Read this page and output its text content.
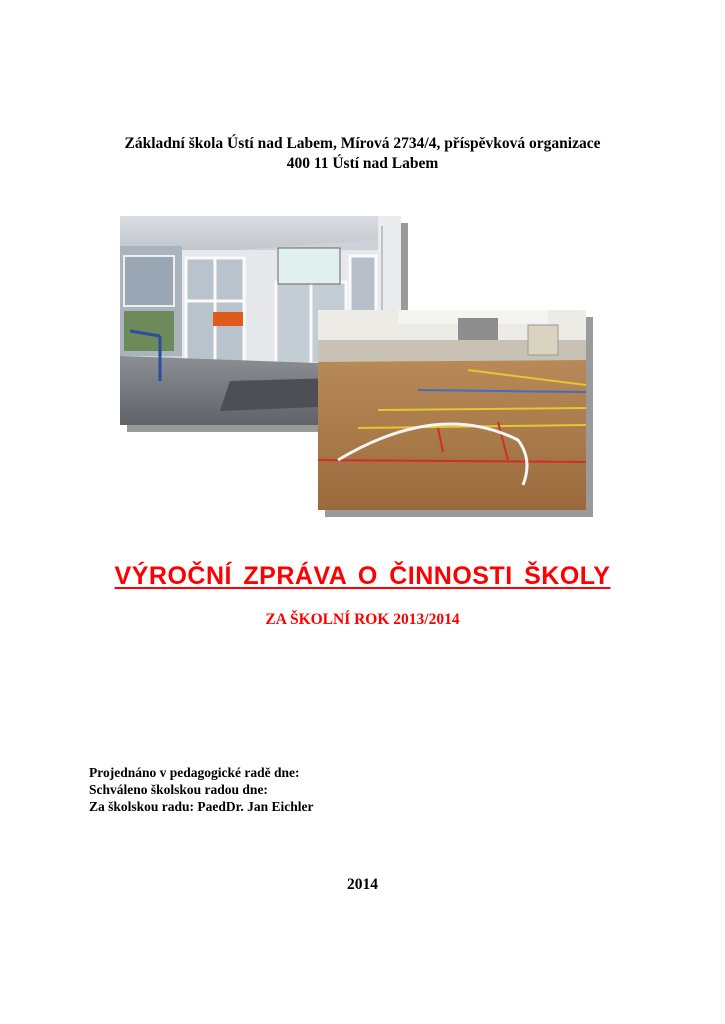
Základní škola Ústí nad Labem, Mírová 2734/4, příspěvková organizace
400 11 Ústí nad Labem
VÝROČNÍ ZPRÁVA O ČINNOSTI ŠKOLY
ZA ŠKOLNÍ ROK 2013/2014
Projednáno v pedagogické radě dne:
Schváleno školskou radou dne:
Za školskou radu: PaedDr. Jan Eichler
2014
